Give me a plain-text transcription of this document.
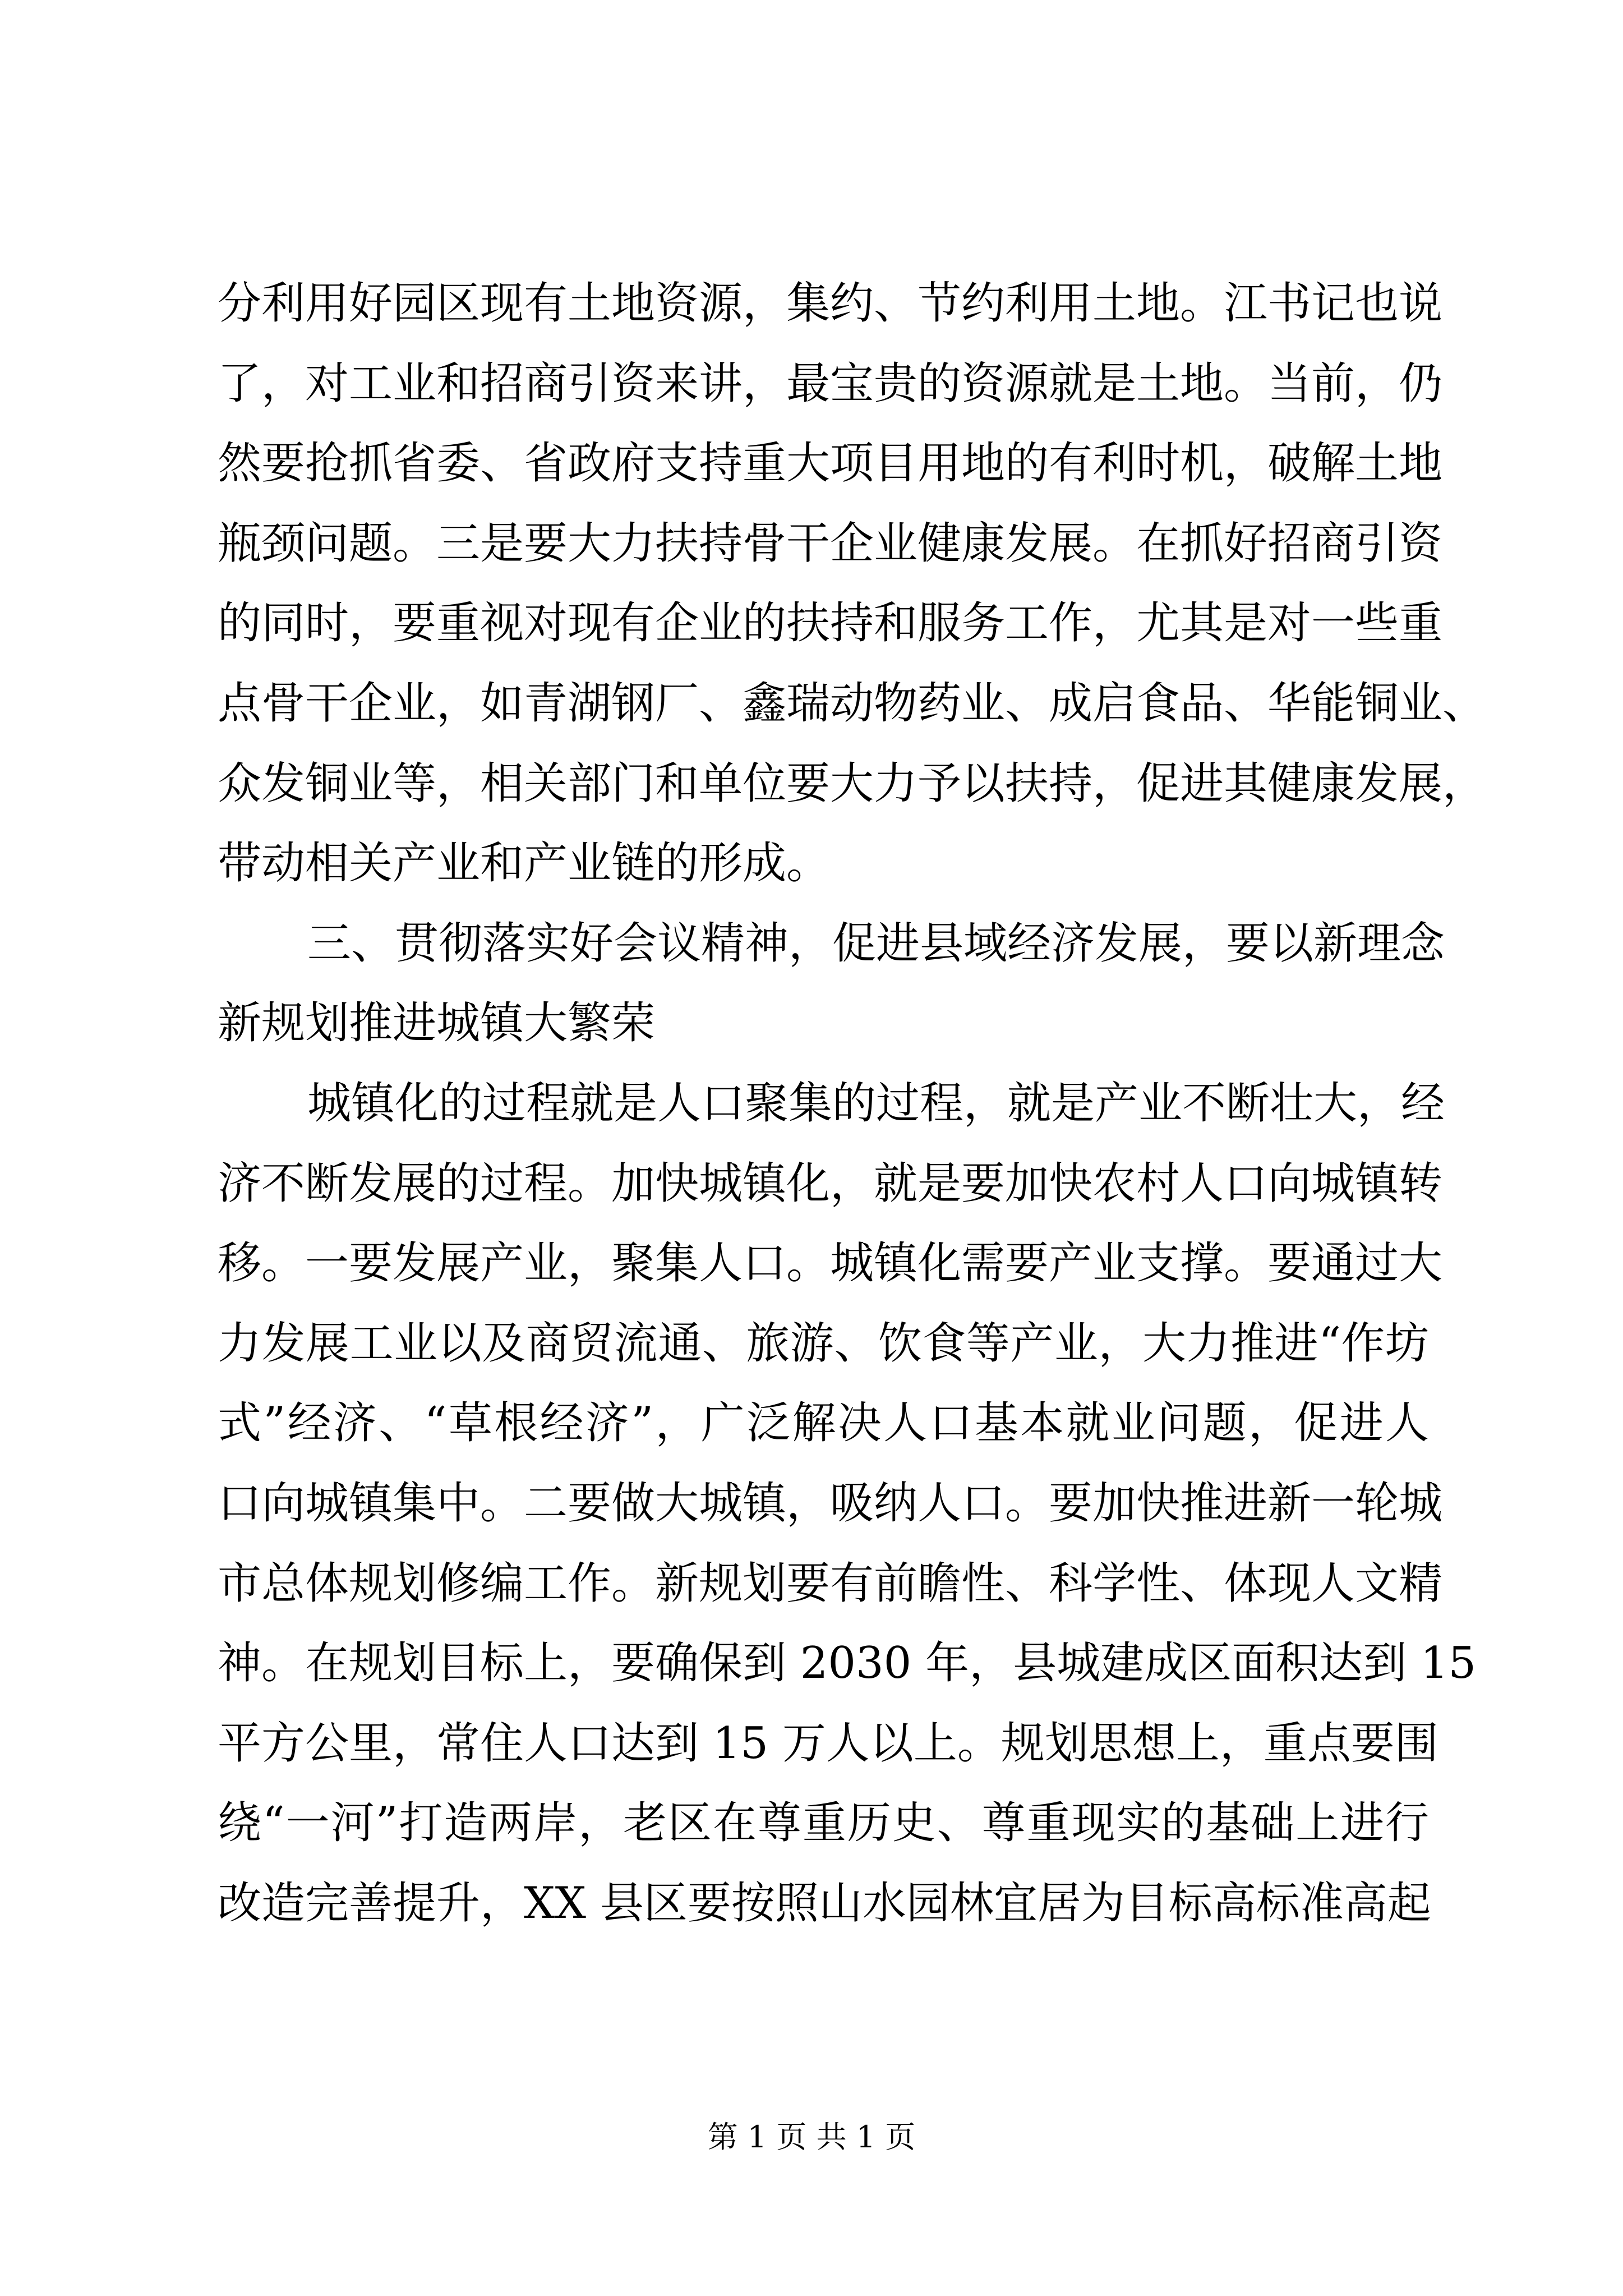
分利用好园区现有土地资源，集约、节约利用土地。江书记也说
了，对工业和招商引资来讲，最宝贵的资源就是土地。当前，仍
然要抢抓省委、省政府支持重大项目用地的有利时机，破解土地
瓶颈问题。三是要大力扶持骨干企业健康发展。在抓好招商引资
的同时，要重视对现有企业的扶持和服务工作，尤其是对一些重
点骨干企业，如青湖钢厂、鑫瑞动物药业、成启食品、华能铜业、
众发铜业等，相关部门和单位要大力予以扶持，促进其健康发展，
带动相关产业和产业链的形成。
三、贯彻落实好会议精神，促进县域经济发展，要以新理念
新规划推进城镇大繁荣
城镇化的过程就是人口聚集的过程，就是产业不断壮大，经
济不断发展的过程。加快城镇化，就是要加快农村人口向城镇转
移。一要发展产业，聚集人口。城镇化需要产业支撑。要通过大
力发展工业以及商贸流通、旅游、饮食等产业，大力推进“作坊
式”经济、“草根经济”，广泛解决人口基本就业问题，促进人
口向城镇集中。二要做大城镇，吸纳人口。要加快推进新一轮城
市总体规划修编工作。新规划要有前瞻性、科学性、体现人文精
神。在规划目标上，要确保到 2030 年，县城建成区面积达到 15
平方公里，常住人口达到 15 万人以上。规划思想上，重点要围
绕“一河”打造两岸，老区在尊重历史、尊重现实的基础上进行
改造完善提升，XX 县区要按照山水园林宜居为目标高标准高起
第 1 页 共 1 页
